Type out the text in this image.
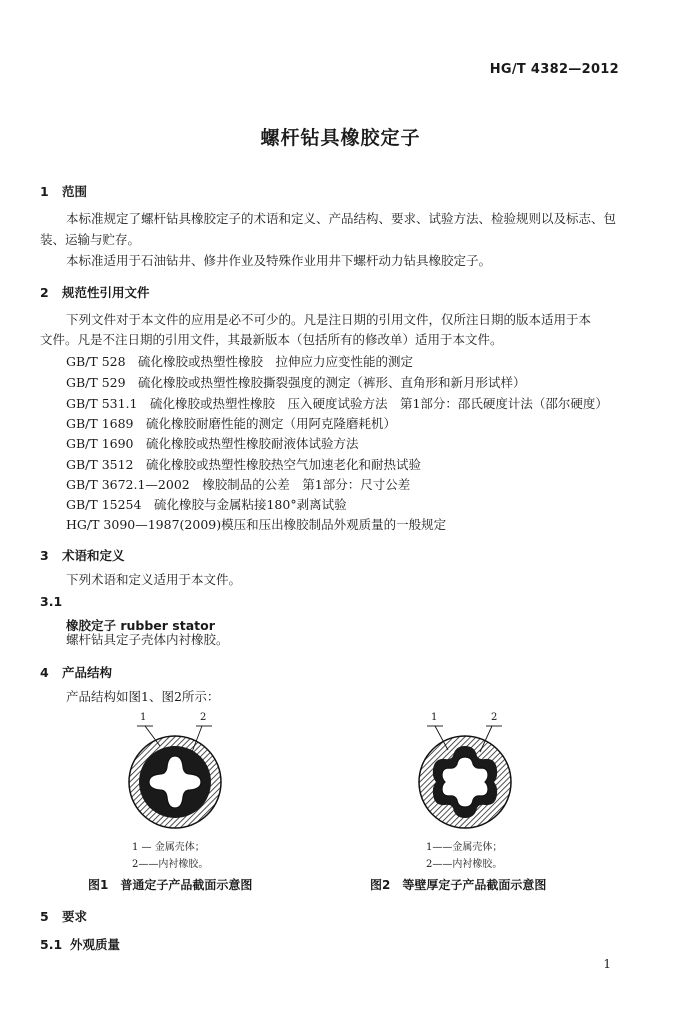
HG/T 4382—2012
螺杆钻具橡胶定子
1 范围
本标准规定了螺杆钻具橡胶定子的术语和定义、产品结构、要求、试验方法、检验规则以及标志、包
装、运输与贮存。
本标准适用于石油钻井、修井作业及特殊作业用井下螺杆动力钻具橡胶定子。
2 规范性引用文件
下列文件对于本文件的应用是必不可少的。凡是注日期的引用文件，仅所注日期的版本适用于本
文件。凡是不注日期的引用文件，其最新版本（包括所有的修改单）适用于本文件。
GB/T 528　硫化橡胶或热塑性橡胶　拉伸应力应变性能的测定
GB/T 529　硫化橡胶或热塑性橡胶撕裂强度的测定（裤形、直角形和新月形试样）
GB/T 531.1　硫化橡胶或热塑性橡胶　压入硬度试验方法　第1部分：邵氏硬度计法（邵尔硬度）
GB/T 1689　硫化橡胶耐磨性能的测定（用阿克隆磨耗机）
GB/T 1690　硫化橡胶或热塑性橡胶耐液体试验方法
GB/T 3512　硫化橡胶或热塑性橡胶热空气加速老化和耐热试验
GB/T 3672.1—2002　橡胶制品的公差　第1部分：尺寸公差
GB/T 15254　硫化橡胶与金属粘接180°剥离试验
HG/T 3090—1987(2009)模压和压出橡胶制品外观质量的一般规定
3 术语和定义
下列术语和定义适用于本文件。
3.1
橡胶定子 rubber stator
螺杆钻具定子壳体内衬橡胶。
4 产品结构
产品结构如图1、图2所示：
1	2
1 — 金属壳体；
2——内衬橡胶。
图1　普通定子产品截面示意图
1	2
1——金属壳体；
2——内衬橡胶。
图2　等壁厚定子产品截面示意图
5 要求
5.1 外观质量
1
